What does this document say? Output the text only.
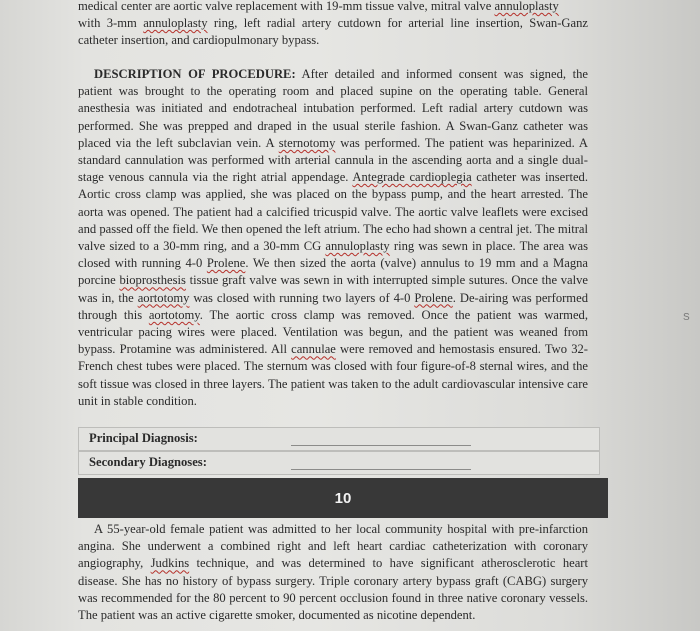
medical center are aortic valve replacement with 19-mm tissue valve, mitral valve annuloplasty
with 3-mm annuloplasty ring, left radial artery cutdown for arterial line insertion, Swan-Ganz catheter insertion, and cardiopulmonary bypass.

DESCRIPTION OF PROCEDURE: After detailed and informed consent was signed, the patient was brought to the operating room and placed supine on the operating table. General anesthesia was initiated and endotracheal intubation performed. Left radial artery cutdown was performed. She was prepped and draped in the usual sterile fashion. A Swan-Ganz catheter was placed via the left subclavian vein. A sternotomy was performed. The patient was heparinized. A standard cannulation was performed with arterial cannula in the ascending aorta and a single dual-stage venous cannula via the right atrial appendage. Antegrade cardioplegia catheter was inserted. Aortic cross clamp was applied, she was placed on the bypass pump, and the heart arrested. The aorta was opened. The patient had a calcified tricuspid valve. The aortic valve leaflets were excised and passed off the field. We then opened the left atrium. The echo had shown a central jet. The mitral valve sized to a 30-mm ring, and a 30-mm CG annuloplasty ring was sewn in place. The area was closed with running 4-0 Prolene. We then sized the aorta (valve) annulus to 19 mm and a Magna porcine bioprosthesis tissue graft valve was sewn in with interrupted simple sutures. Once the valve was in, the aortotomy was closed with running two layers of 4-0 Prolene. De-airing was performed through this aortotomy. The aortic cross clamp was removed. Once the patient was warmed, ventricular pacing wires were placed. Ventilation was begun, and the patient was weaned from bypass. Protamine was administered. All cannulae were removed and hemostasis ensured. Two 32-French chest tubes were placed. The sternum was closed with four figure-of-8 sternal wires, and the soft tissue was closed in three layers. The patient was taken to the adult cardiovascular intensive care unit in stable condition.

Principal Diagnosis:
Secondary Diagnoses:
10

A 55-year-old female patient was admitted to her local community hospital with pre-infarction angina. She underwent a combined right and left heart cardiac catheterization with coronary angiography, Judkins technique, and was determined to have significant atherosclerotic heart disease. She has no history of bypass surgery. Triple coronary artery bypass graft (CABG) surgery was recommended for the 80 percent to 90 percent occlusion found in three native coronary vessels. The patient was an active cigarette smoker, documented as nicotine dependent.

S
